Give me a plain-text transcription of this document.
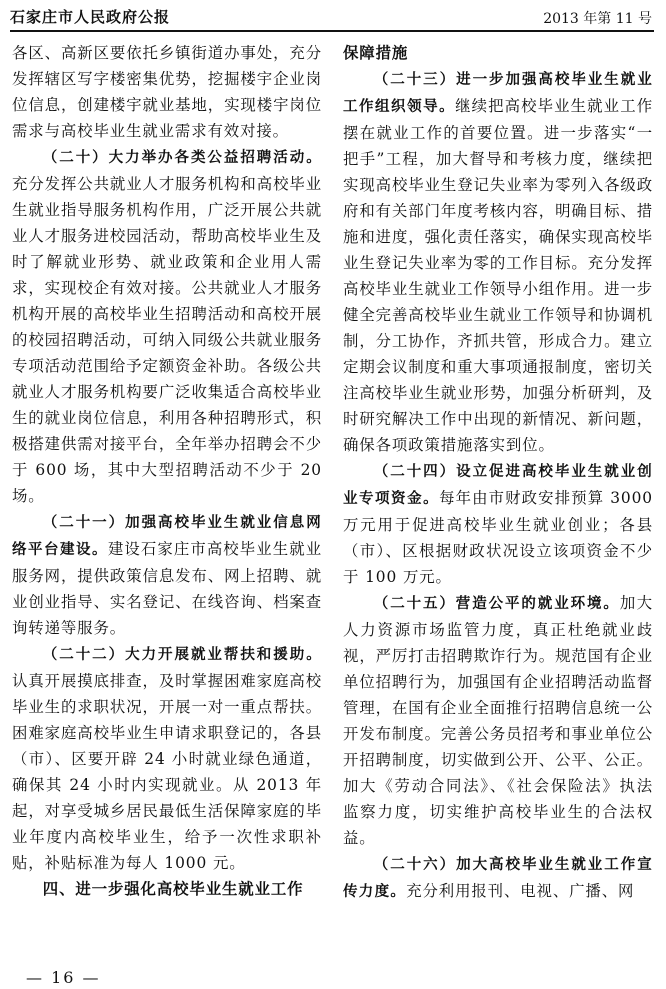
石家庄市人民政府公报	2013 年第 11 号

各区、高新区要依托乡镇街道办事处，充分发挥辖区写字楼密集优势，挖掘楼宇企业岗位信息，创建楼宇就业基地，实现楼宇岗位需求与高校毕业生就业需求有效对接。

（二十）大力举办各类公益招聘活动。充分发挥公共就业人才服务机构和高校毕业生就业指导服务机构作用，广泛开展公共就业人才服务进校园活动，帮助高校毕业生及时了解就业形势、就业政策和企业用人需求，实现校企有效对接。公共就业人才服务机构开展的高校毕业生招聘活动和高校开展的校园招聘活动，可纳入同级公共就业服务专项活动范围给予定额资金补助。各级公共就业人才服务机构要广泛收集适合高校毕业生的就业岗位信息，利用各种招聘形式，积极搭建供需对接平台，全年举办招聘会不少于 600 场，其中大型招聘活动不少于 20 场。

（二十一）加强高校毕业生就业信息网络平台建设。建设石家庄市高校毕业生就业服务网，提供政策信息发布、网上招聘、就业创业指导、实名登记、在线咨询、档案查询转递等服务。

（二十二）大力开展就业帮扶和援助。认真开展摸底排查，及时掌握困难家庭高校毕业生的求职状况，开展一对一重点帮扶。困难家庭高校毕业生申请求职登记的，各县（市）、区要开辟 24 小时就业绿色通道，确保其 24 小时内实现就业。从 2013 年起，对享受城乡居民最低生活保障家庭的毕业年度内高校毕业生，给予一次性求职补贴，补贴标准为每人 1000 元。

四、进一步强化高校毕业生就业工作

保障措施

（二十三）进一步加强高校毕业生就业工作组织领导。继续把高校毕业生就业工作摆在就业工作的首要位置。进一步落实“一把手”工程，加大督导和考核力度，继续把实现高校毕业生登记失业率为零列入各级政府和有关部门年度考核内容，明确目标、措施和进度，强化责任落实，确保实现高校毕业生登记失业率为零的工作目标。充分发挥高校毕业生就业工作领导小组作用。进一步健全完善高校毕业生就业工作领导和协调机制，分工协作，齐抓共管，形成合力。建立定期会议制度和重大事项通报制度，密切关注高校毕业生就业形势，加强分析研判，及时研究解决工作中出现的新情况、新问题，确保各项政策措施落实到位。

（二十四）设立促进高校毕业生就业创业专项资金。每年由市财政安排预算 3000 万元用于促进高校毕业生就业创业；各县（市）、区根据财政状况设立该项资金不少于 100 万元。

（二十五）营造公平的就业环境。加大人力资源市场监管力度，真正杜绝就业歧视，严厉打击招聘欺诈行为。规范国有企业单位招聘行为，加强国有企业招聘活动监督管理，在国有企业全面推行招聘信息统一公开发布制度。完善公务员招考和事业单位公开招聘制度，切实做到公开、公平、公正。加大《劳动合同法》、《社会保险法》执法监察力度，切实维护高校毕业生的合法权益。

（二十六）加大高校毕业生就业工作宣传力度。充分利用报刊、电视、广播、网

— 16 —
